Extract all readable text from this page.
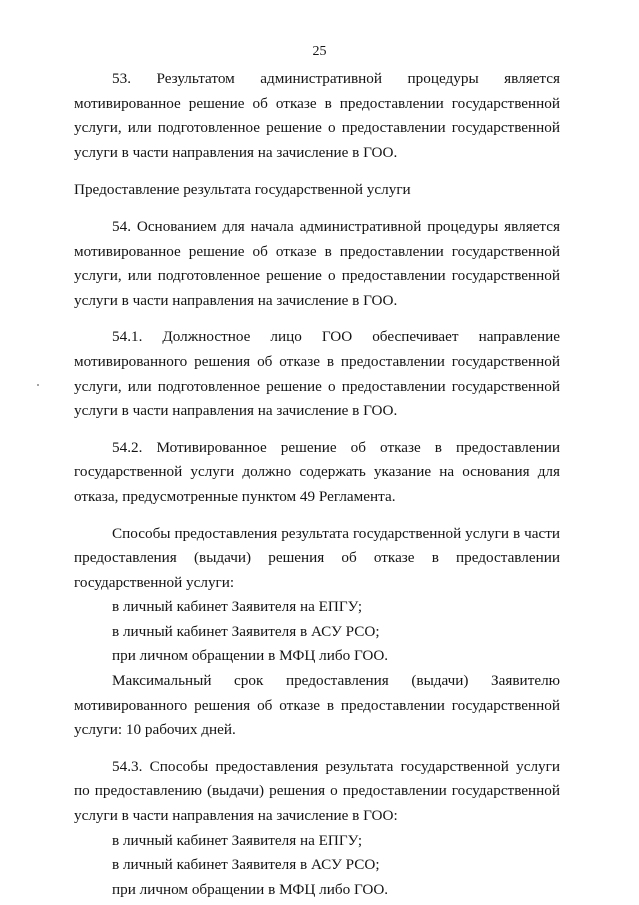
25

53. Результатом административной процедуры является мотивированное решение об отказе в предоставлении государственной услуги, или подготовленное решение о предоставлении государственной услуги в части направления на зачисление в ГОО.

Предоставление результата государственной услуги

54. Основанием для начала административной процедуры является мотивированное решение об отказе в предоставлении государственной услуги, или подготовленное решение о предоставлении государственной услуги в части направления на зачисление в ГОО.

54.1. Должностное лицо ГОО обеспечивает направление мотивированного решения об отказе в предоставлении государственной услуги, или подготовленное решение о предоставлении государственной услуги в части направления на зачисление в ГОО.

54.2. Мотивированное решение об отказе в предоставлении государственной услуги должно содержать указание на основания для отказа, предусмотренные пунктом 49 Регламента.

Способы предоставления результата государственной услуги в части предоставления (выдачи) решения об отказе в предоставлении государственной услуги:

в личный кабинет Заявителя на ЕПГУ;

в личный кабинет Заявителя в АСУ РСО;

при личном обращении в МФЦ либо ГОО.

Максимальный срок предоставления (выдачи) Заявителю мотивированного решения об отказе в предоставлении государственной услуги: 10 рабочих дней.

54.3. Способы предоставления результата государственной услуги по предоставлению (выдачи) решения о предоставлении государственной услуги в части направления на зачисление в ГОО:

в личный кабинет Заявителя на ЕПГУ;

в личный кабинет Заявителя в АСУ РСО;

при личном обращении в МФЦ либо ГОО.
